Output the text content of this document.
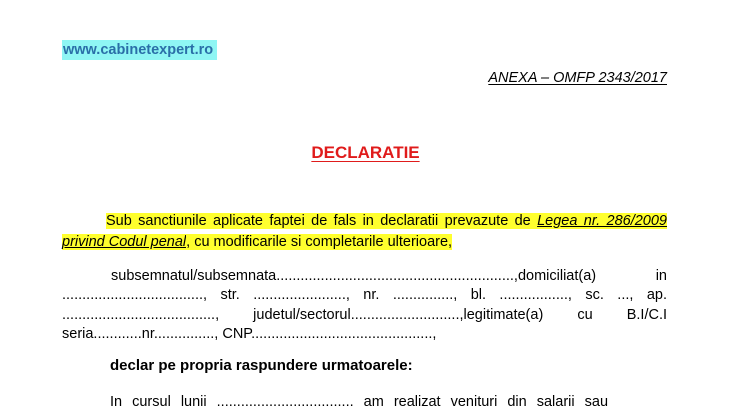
www.cabinetexpert.ro
ANEXA – OMFP 2343/2017
DECLARATIE
Sub sanctiunile aplicate faptei de fals in declaratii prevazute de Legea nr. 286/2009 privind Codul penal, cu modificarile si completarile ulterioare,
subsemnatul/subsemnata...........................................................,domiciliat(a) in ..................................., str. ......................., nr. ..............., bl. ................., sc. ..., ap. ......................................, judetul/sectorul...........................,legitimate(a) cu B.I/C.I seria............nr..............., CNP.............................................,
declar pe propria raspundere urmatoarele:
In cursul lunii .................................. am realizat venituri din salarii sau
